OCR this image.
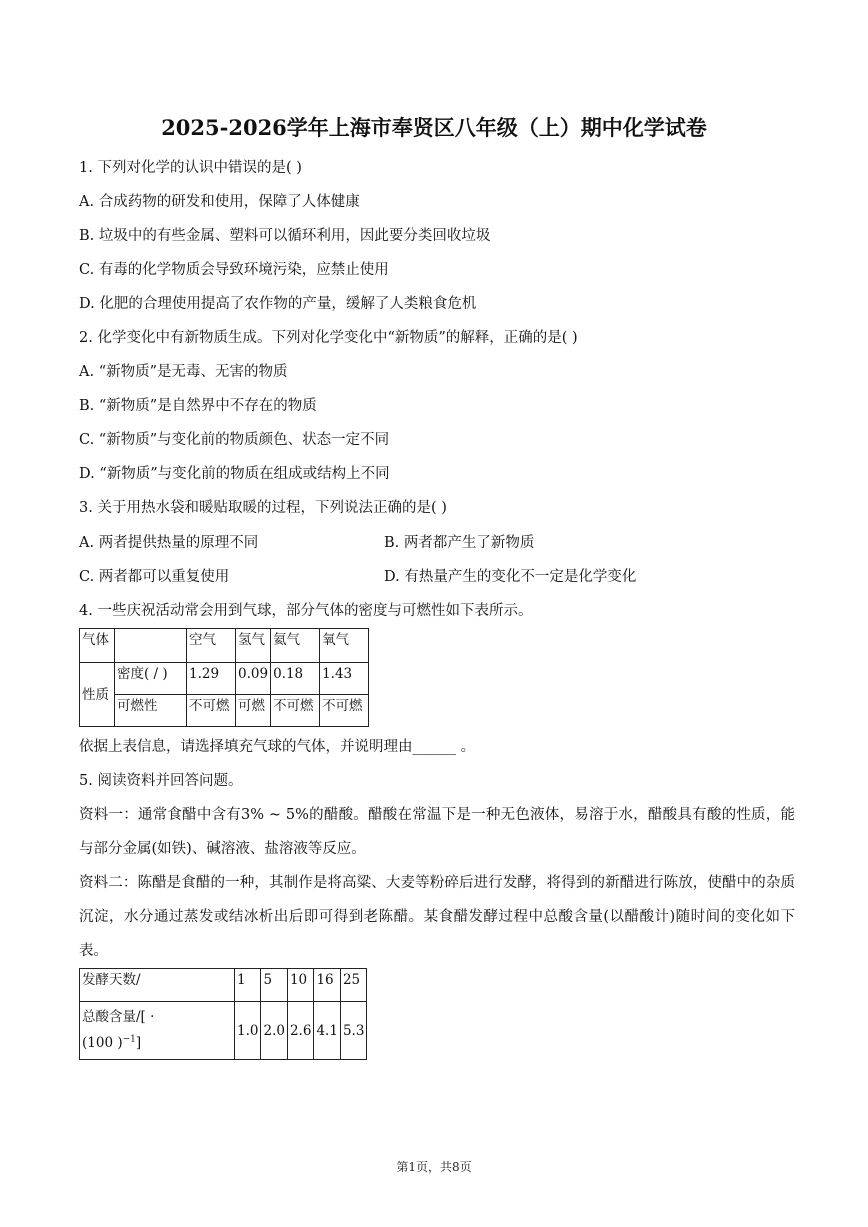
2025-2026学年上海市奉贤区八年级（上）期中化学试卷
1. 下列对化学的认识中错误的是( )
A. 合成药物的研发和使用，保障了人体健康
B. 垃圾中的有些金属、塑料可以循环利用，因此要分类回收垃圾
C. 有毒的化学物质会导致环境污染，应禁止使用
D. 化肥的合理使用提高了农作物的产量，缓解了人类粮食危机
2. 化学变化中有新物质生成。下列对化学变化中“新物质”的解释，正确的是( )
A. “新物质”是无毒、无害的物质
B. “新物质”是自然界中不存在的物质
C. “新物质”与变化前的物质颜色、状态一定不同
D. “新物质”与变化前的物质在组成或结构上不同
3. 关于用热水袋和暖贴取暖的过程，下列说法正确的是( )
A. 两者提供热量的原理不同	B. 两者都产生了新物质
C. 两者都可以重复使用	D. 有热量产生的变化不一定是化学变化
4. 一些庆祝活动常会用到气球，部分气体的密度与可燃性如下表所示。
气体		空气	氢气	氦气	氧气
性质	密度( / )	1.29	0.09	0.18	1.43
	可燃性	不可燃	可燃	不可燃	不可燃
依据上表信息，请选择填充气球的气体，并说明理由______ 。
5. 阅读资料并回答问题。
资料一：通常食醋中含有3% ~ 5%的醋酸。醋酸在常温下是一种无色液体，易溶于水，醋酸具有酸的性质，能与部分金属(如铁)、碱溶液、盐溶液等反应。
资料二：陈醋是食醋的一种，其制作是将高粱、大麦等粉碎后进行发酵，将得到的新醋进行陈放，使醋中的杂质沉淀，水分通过蒸发或结冰析出后即可得到老陈醋。某食醋发酵过程中总酸含量(以醋酸计)随时间的变化如下表。
发酵天数/	1	5	10	16	25
总酸含量/[ ·
(100 )$^{-1}$]	1.0	2.0	2.6	4.1	5.3
第1页，共8页
